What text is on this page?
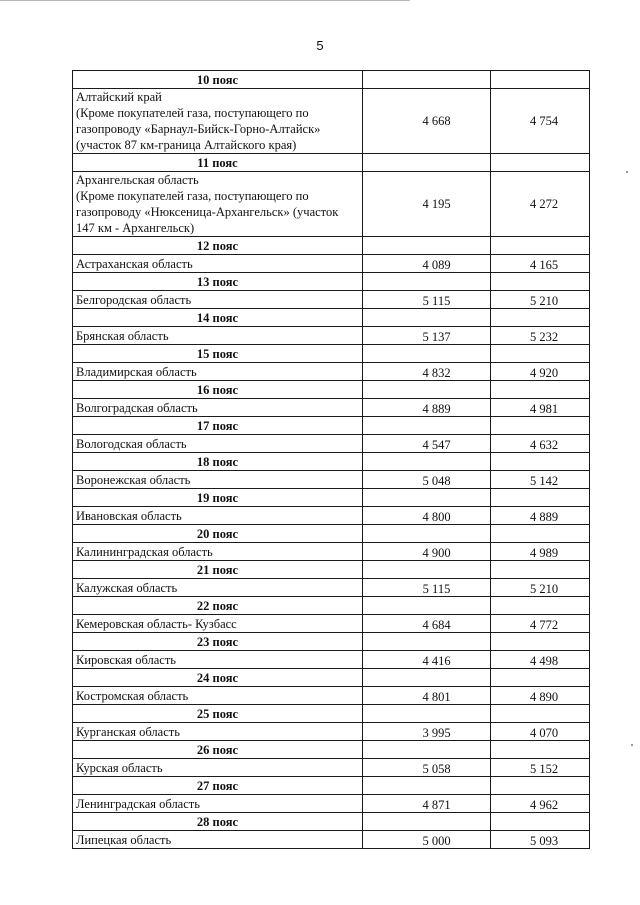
5
10 пояс		

Алтайский край
(Кроме покупателей газа, поступающего по
газопроводу «Барнаул-Бийск-Горно-Алтайск»
(участок 87 км-граница Алтайского края)	4 668	4 754
11 пояс		

Архангельская область
(Кроме покупателей газа, поступающего по
газопроводу «Нюксеница-Архангельск» (участок
147 км - Архангельск)	4 195	4 272
12 пояс		

Астраханская область	4 089	4 165
13 пояс		

Белгородская область	5 115	5 210
14 пояс		

Брянская область	5 137	5 232
15 пояс		

Владимирская область	4 832	4 920
16 пояс		

Волгоградская область	4 889	4 981
17 пояс		

Вологодская область	4 547	4 632
18 пояс		

Воронежская область	5 048	5 142
19 пояс		

Ивановская область	4 800	4 889
20 пояс		

Калининградская область	4 900	4 989
21 пояс		

Калужская область	5 115	5 210
22 пояс		

Кемеровская область- Кузбасс	4 684	4 772
23 пояс		

Кировская область	4 416	4 498
24 пояс		

Костромская область	4 801	4 890
25 пояс		

Курганская область	3 995	4 070
26 пояс		

Курская область	5 058	5 152
27 пояс		

Ленинградская область	4 871	4 962
28 пояс		

Липецкая область	5 000	5 093
